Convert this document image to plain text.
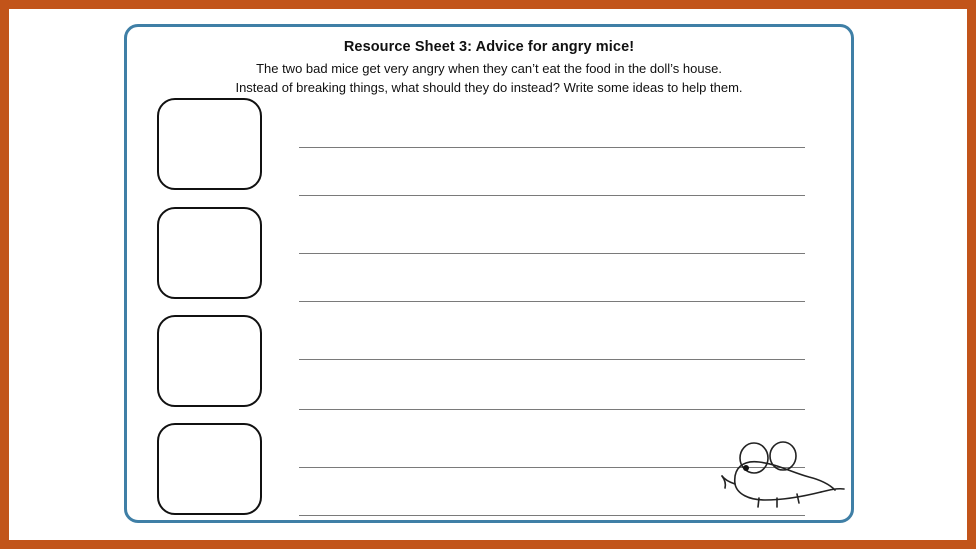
Resource Sheet 3: Advice for angry mice!
The two bad mice get very angry when they can’t eat the food in the doll’s house.
Instead of breaking things, what should they do instead? Write some ideas to help them.
